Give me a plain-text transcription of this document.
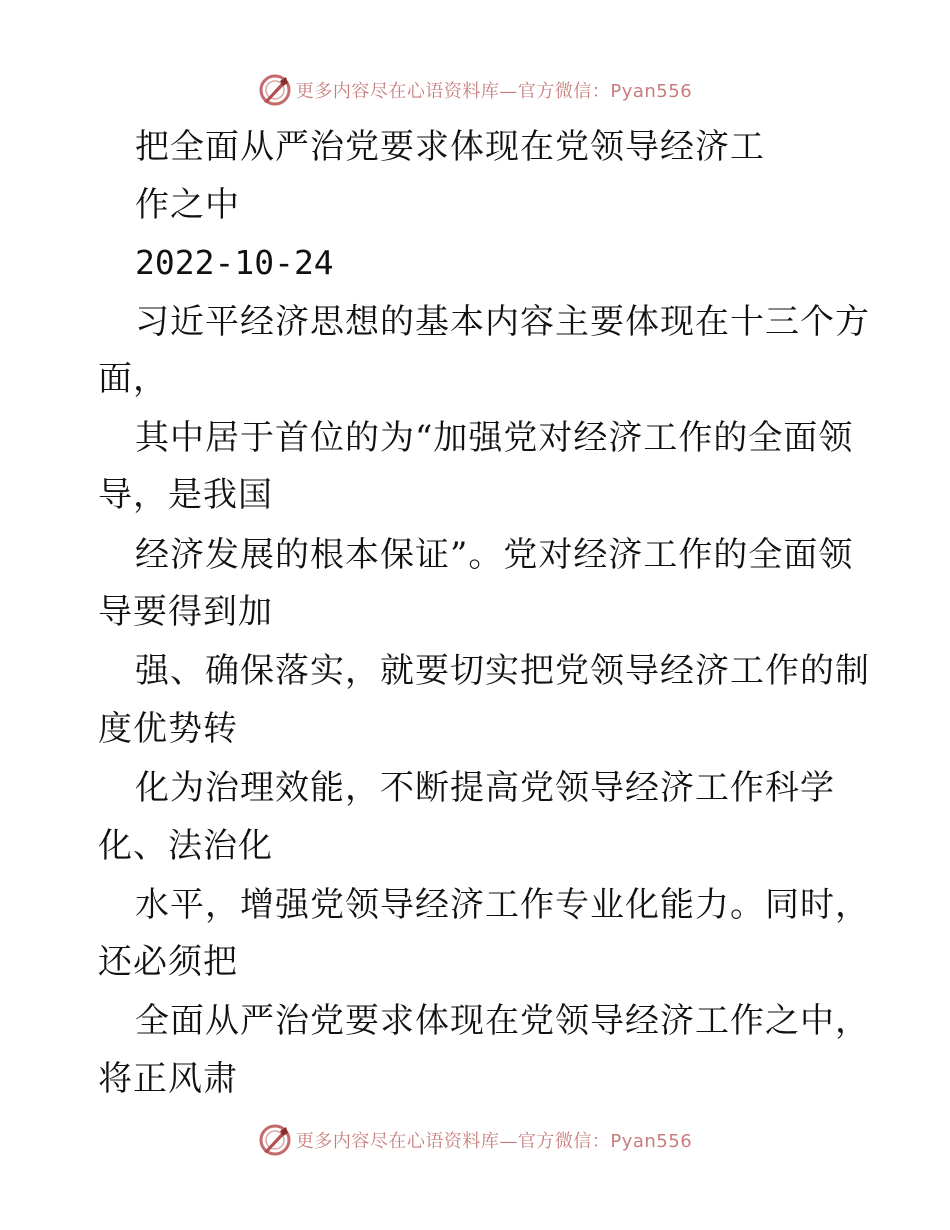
更多内容尽在心语资料库—官方微信：Pyan556
把全面从严治党要求体现在党领导经济工
作之中
2022-10-24
习近平经济思想的基本内容主要体现在十三个方
面，
其中居于首位的为“加强党对经济工作的全面领
导，是我国
经济发展的根本保证”。党对经济工作的全面领
导要得到加
强、确保落实，就要切实把党领导经济工作的制
度优势转
化为治理效能，不断提高党领导经济工作科学
化、法治化
水平，增强党领导经济工作专业化能力。同时，
还必须把
全面从严治党要求体现在党领导经济工作之中，
将正风肃
更多内容尽在心语资料库—官方微信：Pyan556
